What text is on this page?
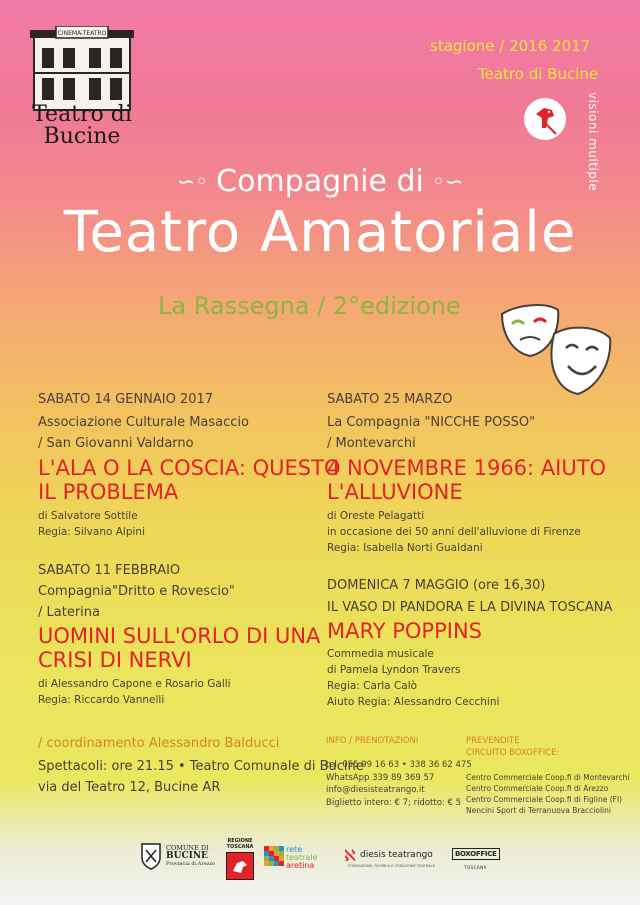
CINEMA-TEATRO
Teatro di
Bucine
stagione / 2016 2017
Teatro di Bucine
visioni multiple
∽◦ Compagnie di ◦∽
Teatro Amatoriale
La Rassegna / 2°edizione
SABATO 14 GENNAIO 2017
Associazione Culturale Masaccio
/ San Giovanni Valdarno
L'ALA O LA COSCIA: QUESTO
IL PROBLEMA
di Salvatore Sottile
Regia: Silvano Alpini
SABATO 25 MARZO
La Compagnia "NICCHE POSSO"
/ Montevarchi
4 NOVEMBRE 1966: AIUTO
L'ALLUVIONE
di Oreste Pelagatti
in occasione dei 50 anni dell'alluvione di Firenze
Regia: Isabella Norti Gualdani
SABATO 11 FEBBRAIO
Compagnia"Dritto e Rovescio"
/ Laterina
UOMINI SULL'ORLO DI UNA
CRISI DI NERVI
di Alessandro Capone e Rosario Galli
Regia: Riccardo Vannelli
DOMENICA 7 MAGGIO (ore 16,30)
IL VASO DI PANDORA E LA DIVINA TOSCANA
MARY POPPINS
Commedia musicale
di Pamela Lyndon Travers
Regia: Carla Calò
Aiuto Regia: Alessandro Cecchini
/ coordinamento Alessandro Balducci
Spettacoli: ore 21.15 • Teatro Comunale di Bucine
via del Teatro 12, Bucine AR
INFO / PRENOTAZIONI
tel. 055 99 16 63 • 338 36 62 475
WhatsApp 339 89 369 57
info@diesisteatrango.it
Biglietto intero: € 7; ridotto: € 5
PREVENDITE
CIRCUITO BOXOFFICE:
Centro Commerciale Coop.fi di Montevarchi
Centro Commerciale Coop.fi di Arezzo
Centro Commerciale Coop.fi di Figline (FI)
Nencini Sport di Terranuova Bracciolini
COMUNE DI
BUCINE
Provincia di Arezzo
REGIONE
TOSCANA	rete
teatrale
aretina
ℵ diesis teatrango
FORMAZIONE, RICERCA E CREAZIONE TEATRALE
BOXOFFICE
TOSCANA
